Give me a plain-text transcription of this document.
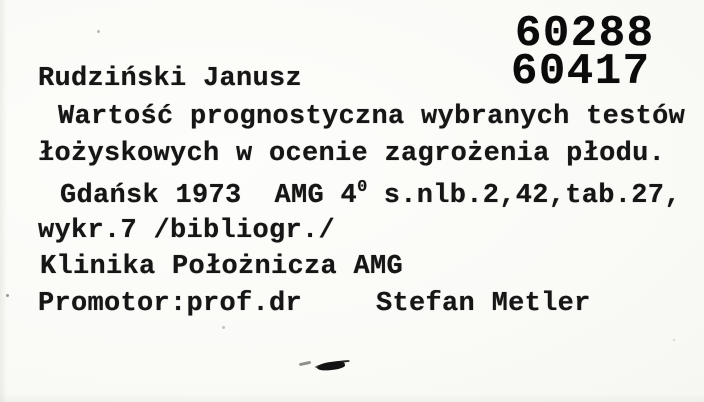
60288
60417
Rudziński Janusz
Wartość prognostyczna wybranych testów
łożyskowych w ocenie zagrożenia płodu.
Gdańsk 1973  AMG $4^0$ s.nlb.2,42,tab.27,
wykr.7 /bibliogr./
Klinika Położnicza AMG
Promotor:prof.dr	Stefan Metler
